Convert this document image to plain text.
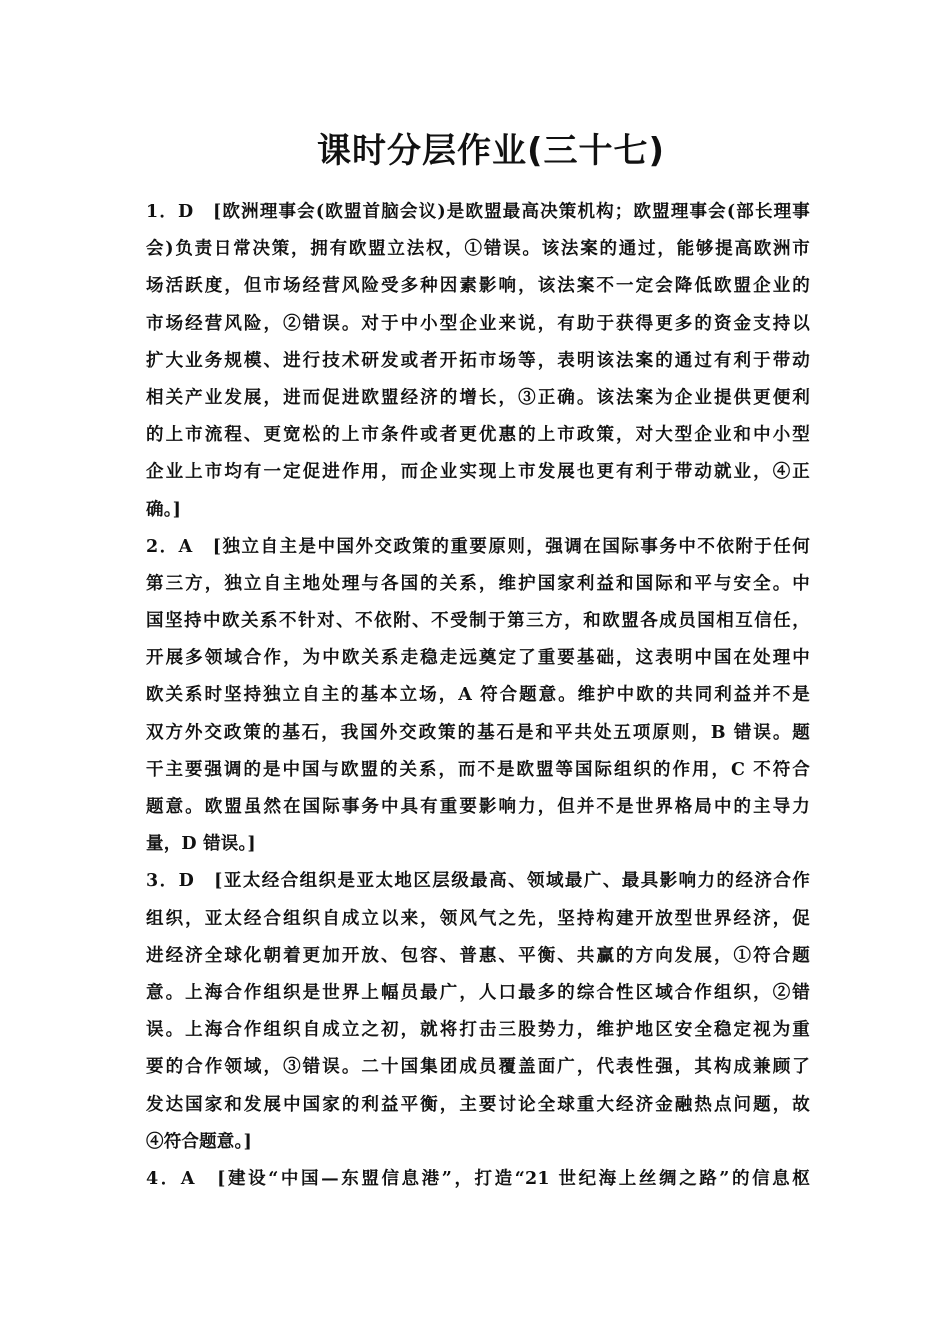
课时分层作业(三十七)
1．D　[欧洲理事会(欧盟首脑会议)是欧盟最高决策机构；欧盟理事会(部长理事
会)负责日常决策，拥有欧盟立法权，①错误。该法案的通过，能够提高欧洲市
场活跃度，但市场经营风险受多种因素影响，该法案不一定会降低欧盟企业的
市场经营风险，②错误。对于中小型企业来说，有助于获得更多的资金支持以
扩大业务规模、进行技术研发或者开拓市场等，表明该法案的通过有利于带动
相关产业发展，进而促进欧盟经济的增长，③正确。该法案为企业提供更便利
的上市流程、更宽松的上市条件或者更优惠的上市政策，对大型企业和中小型
企业上市均有一定促进作用，而企业实现上市发展也更有利于带动就业，④正
确。]
2．A　[独立自主是中国外交政策的重要原则，强调在国际事务中不依附于任何
第三方，独立自主地处理与各国的关系，维护国家利益和国际和平与安全。中
国坚持中欧关系不针对、不依附、不受制于第三方，和欧盟各成员国相互信任，
开展多领域合作，为中欧关系走稳走远奠定了重要基础，这表明中国在处理中
欧关系时坚持独立自主的基本立场，A 符合题意。维护中欧的共同利益并不是
双方外交政策的基石，我国外交政策的基石是和平共处五项原则，B 错误。题
干主要强调的是中国与欧盟的关系，而不是欧盟等国际组织的作用，C 不符合
题意。欧盟虽然在国际事务中具有重要影响力，但并不是世界格局中的主导力
量，D 错误。]
3．D　[亚太经合组织是亚太地区层级最高、领域最广、最具影响力的经济合作
组织，亚太经合组织自成立以来，领风气之先，坚持构建开放型世界经济，促
进经济全球化朝着更加开放、包容、普惠、平衡、共赢的方向发展，①符合题
意。上海合作组织是世界上幅员最广，人口最多的综合性区域合作组织，②错
误。上海合作组织自成立之初，就将打击三股势力，维护地区安全稳定视为重
要的合作领域，③错误。二十国集团成员覆盖面广，代表性强，其构成兼顾了
发达国家和发展中国家的利益平衡，主要讨论全球重大经济金融热点问题，故
④符合题意。]
4．A　[建设“中国—东盟信息港”，打造“21 世纪海上丝绸之路”的信息枢
